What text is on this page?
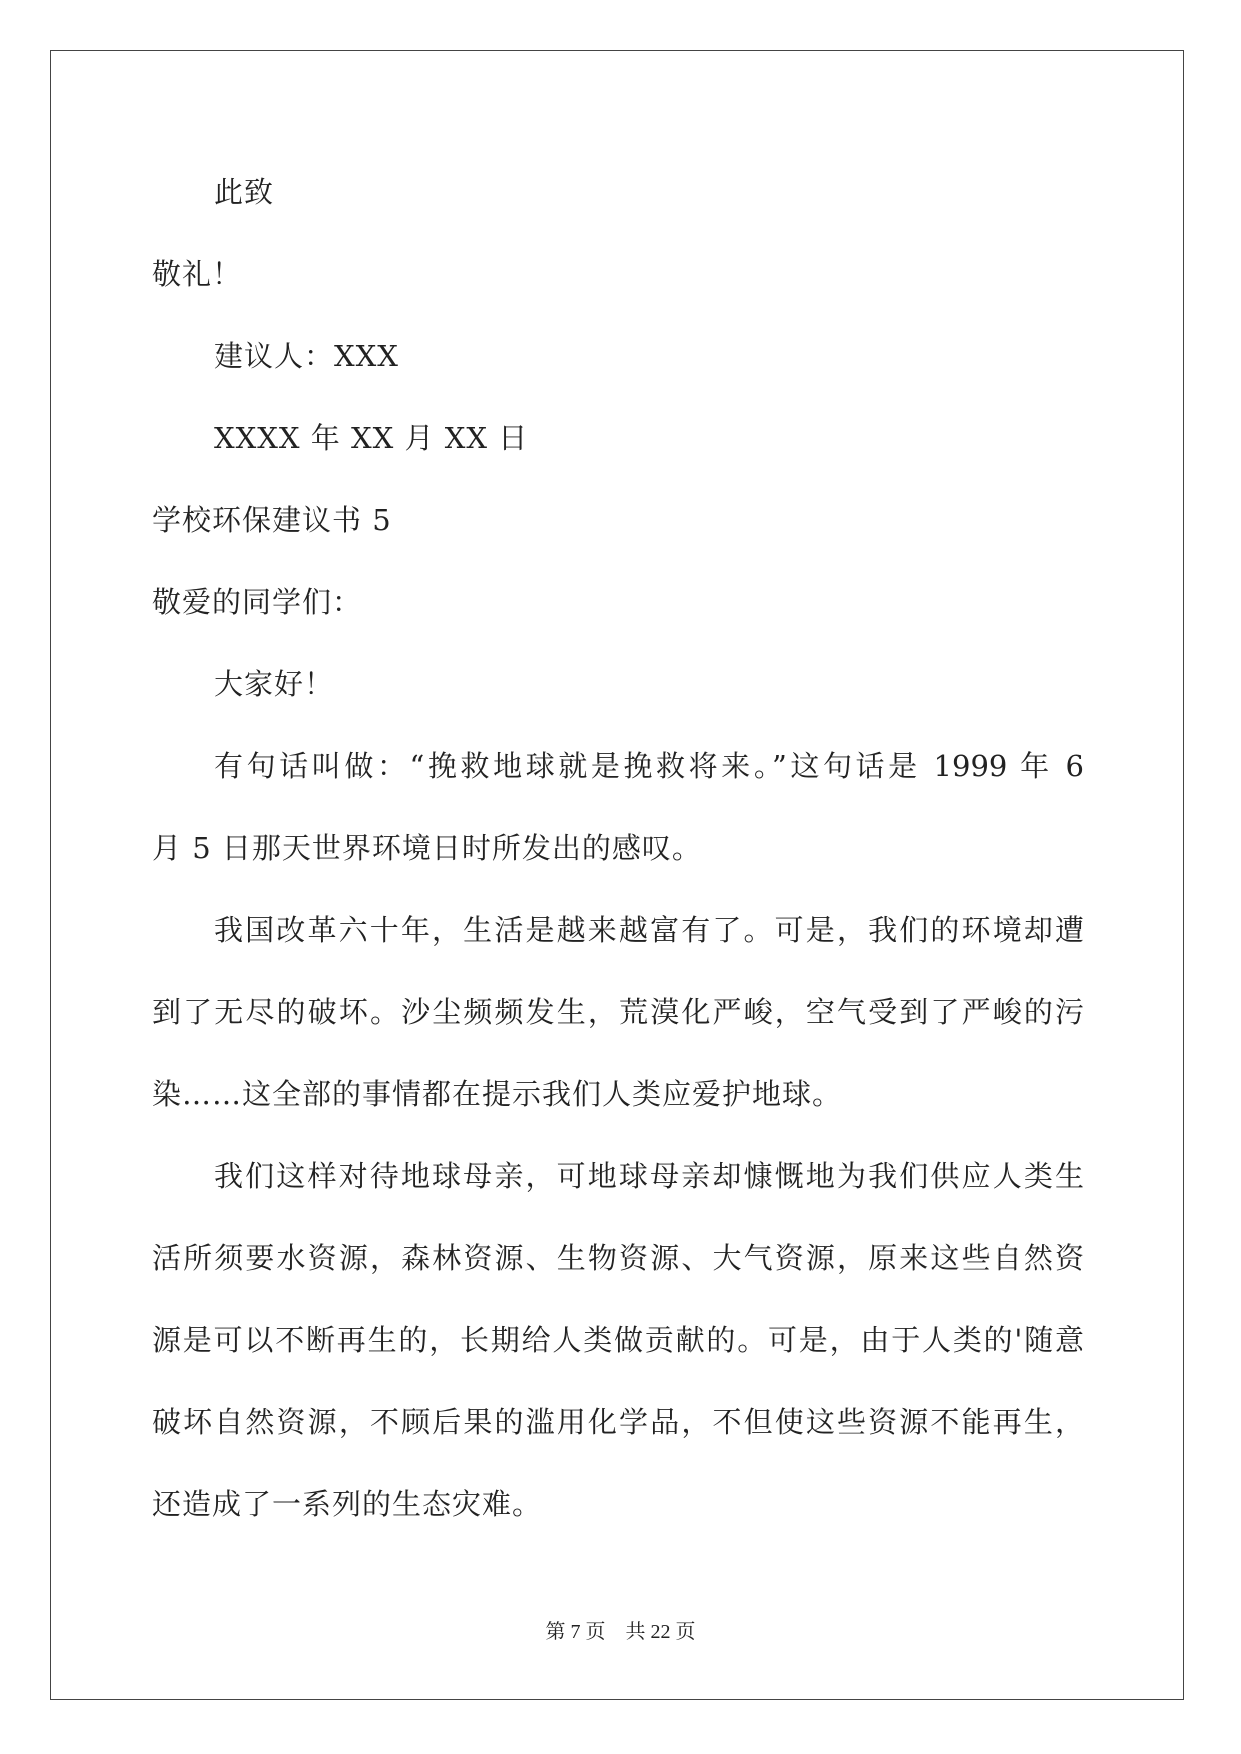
此致
敬礼！
建议人：XXX
XXXX 年 XX 月 XX 日
学校环保建议书 5
敬爱的同学们：
大家好！
有句话叫做：“挽救地球就是挽救将来。”这句话是 1999 年 6
月 5 日那天世界环境日时所发出的感叹。
我国改革六十年，生活是越来越富有了。可是，我们的环境却遭
到了无尽的破坏。沙尘频频发生，荒漠化严峻，空气受到了严峻的污
染……这全部的事情都在提示我们人类应爱护地球。
我们这样对待地球母亲，可地球母亲却慷慨地为我们供应人类生
活所须要水资源，森林资源、生物资源、大气资源，原来这些自然资
源是可以不断再生的，长期给人类做贡献的。可是，由于人类的'随意
破坏自然资源，不顾后果的滥用化学品，不但使这些资源不能再生，
还造成了一系列的生态灾难。
第 7 页 共 22 页
